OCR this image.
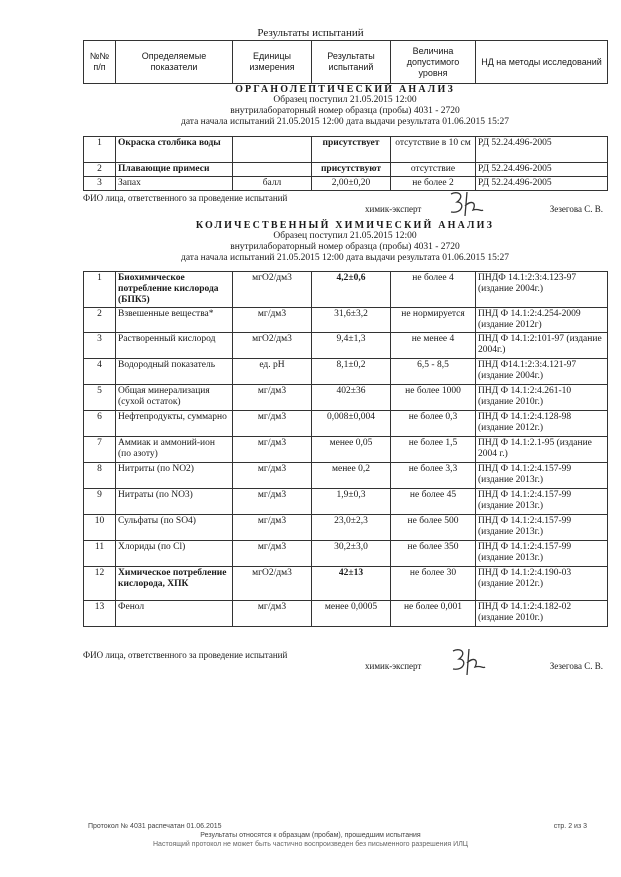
Результаты испытаний
№№ п/п	Определяемые показатели	Единицы измерения	Результаты испытаний	Величина допустимого уровня	НД на методы исследований
ОРГАНОЛЕПТИЧЕСКИЙ АНАЛИЗ
Образец поступил 21.05.2015 12:00
внутрилабораторный номер образца (пробы) 4031 - 2720
дата начала испытаний 21.05.2015 12:00 дата выдачи результата 01.06.2015 15:27
1	Окраска столбика воды		присутствует	отсутствие в 10 см	РД 52.24.496-2005
2	Плавающие примеси		присутствуют	отсутствие	РД 52.24.496-2005
3	Запах	балл	2,00±0,20	не более 2	РД 52.24.496-2005
ФИО лица, ответственного за проведение испытаний
химик-эксперт	Зезегова С. В.
КОЛИЧЕСТВЕННЫЙ ХИМИЧЕСКИЙ АНАЛИЗ
Образец поступил 21.05.2015 12:00
внутрилабораторный номер образца (пробы) 4031 - 2720
дата начала испытаний 21.05.2015 12:00 дата выдачи результата 01.06.2015 15:27
1	Биохимическое потребление кислорода (БПК5)	мгО2/дм3	4,2±0,6	не более 4	ПНДФ 14.1:2:3:4.123-97 (издание 2004г.)
2	Взвешенные вещества*	мг/дм3	31,6±3,2	не нормируется	ПНД Ф 14.1:2:4.254-2009 (издание 2012г)
3	Растворенный кислород	мгО2/дм3	9,4±1,3	не менее 4	ПНД Ф 14.1:2:101-97 (издание 2004г.)
4	Водородный показатель	ед. рН	8,1±0,2	6,5 - 8,5	ПНД Ф14.1:2:3:4.121-97 (издание 2004г.)
5	Общая минерализация (сухой остаток)	мг/дм3	402±36	не более 1000	ПНД Ф 14.1:2:4.261-10 (издание 2010г.)
6	Нефтепродукты, суммарно	мг/дм3	0,008±0,004	не более 0,3	ПНД Ф 14.1:2:4.128-98 (издание 2012г.)
7	Аммиак и аммоний-ион (по азоту)	мг/дм3	менее 0,05	не более 1,5	ПНД Ф 14.1:2.1-95 (издание 2004 г.)
8	Нитриты (по NO2)	мг/дм3	менее 0,2	не более 3,3	ПНД Ф 14.1:2:4.157-99 (издание 2013г.)
9	Нитраты (по NO3)	мг/дм3	1,9±0,3	не более 45	ПНД Ф 14.1:2:4.157-99 (издание 2013г.)
10	Сульфаты (по SO4)	мг/дм3	23,0±2,3	не более 500	ПНД Ф 14.1:2:4.157-99 (издание 2013г.)
11	Хлориды (по Cl)	мг/дм3	30,2±3,0	не более 350	ПНД Ф 14.1:2:4.157-99 (издание 2013г.)
12	Химическое потребление кислорода, ХПК	мгО2/дм3	42±13	не более 30	ПНД Ф 14.1:2:4.190-03 (издание 2012г.)
13	Фенол	мг/дм3	менее 0,0005	не более 0,001	ПНД Ф 14.1:2:4.182-02 (издание 2010г.)
ФИО лица, ответственного за проведение испытаний
химик-эксперт	Зезегова С. В.
Протокол № 4031 распечатан 01.06.2015	стр. 2 из 3
Результаты относятся к образцам (пробам), прошедшим испытания
Настоящий протокол не может быть частично воспроизведен без письменного разрешения ИЛЦ
